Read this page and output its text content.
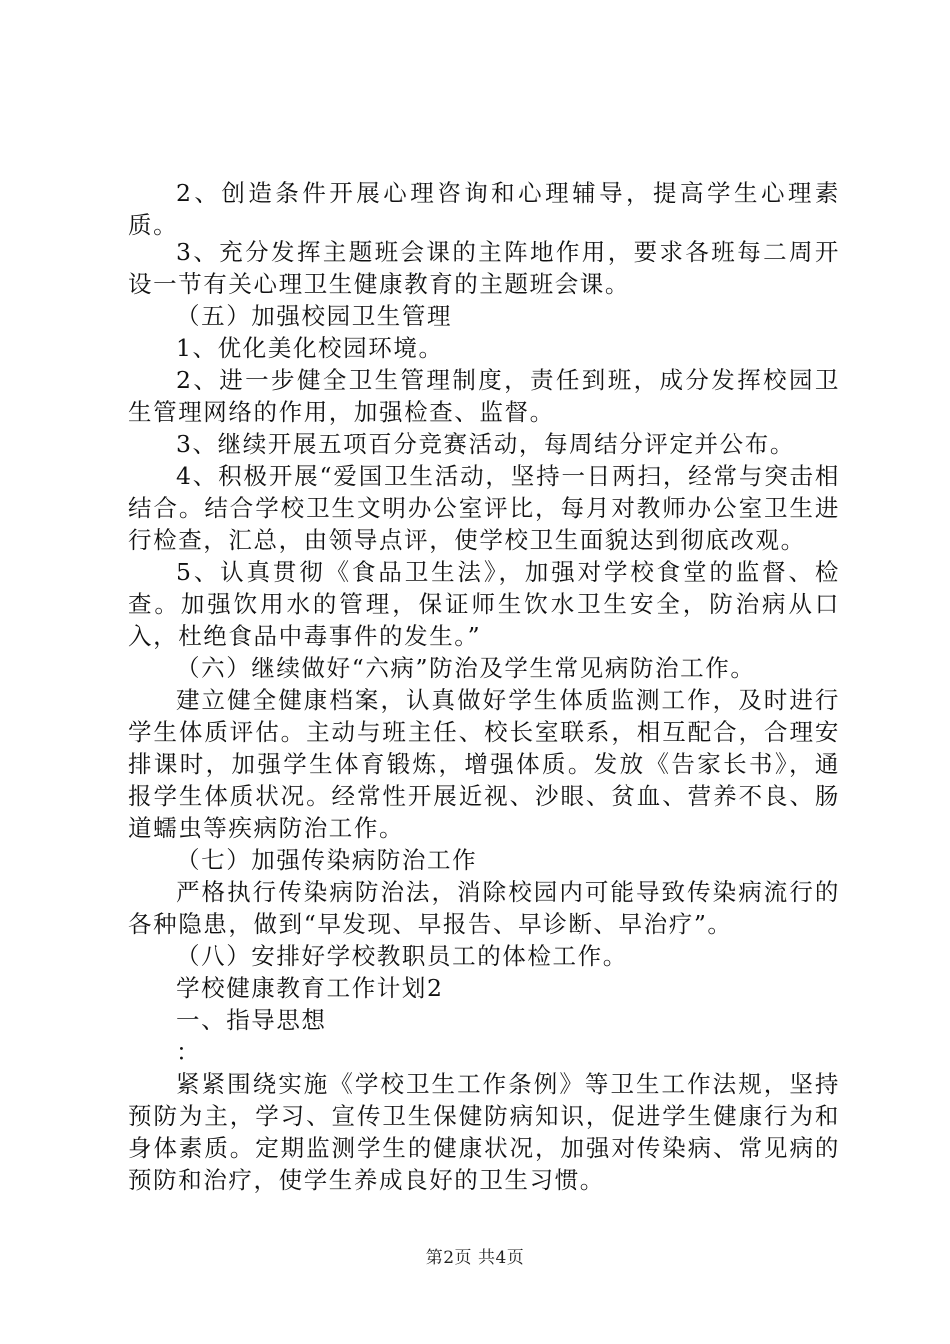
2、创造条件开展心理咨询和心理辅导，提高学生心理素质。

3、充分发挥主题班会课的主阵地作用，要求各班每二周开设一节有关心理卫生健康教育的主题班会课。

（五）加强校园卫生管理

1、优化美化校园环境。

2、进一步健全卫生管理制度，责任到班，成分发挥校园卫生管理网络的作用，加强检查、监督。

3、继续开展五项百分竞赛活动，每周结分评定并公布。

4、积极开展“爱国卫生活动，坚持一日两扫，经常与突击相结合。结合学校卫生文明办公室评比，每月对教师办公室卫生进行检查，汇总，由领导点评，使学校卫生面貌达到彻底改观。

5、认真贯彻《食品卫生法》，加强对学校食堂的监督、检查。加强饮用水的管理，保证师生饮水卫生安全，防治病从口入，杜绝食品中毒事件的发生。”

（六）继续做好“六病”防治及学生常见病防治工作。

建立健全健康档案，认真做好学生体质监测工作，及时进行学生体质评估。主动与班主任、校长室联系，相互配合，合理安排课时，加强学生体育锻炼，增强体质。发放《告家长书》，通报学生体质状况。经常性开展近视、沙眼、贫血、营养不良、肠道蠕虫等疾病防治工作。

（七）加强传染病防治工作

严格执行传染病防治法，消除校园内可能导致传染病流行的各种隐患，做到“早发现、早报告、早诊断、早治疗”。

（八）安排好学校教职员工的体检工作。

学校健康教育工作计划2

一、指导思想

：

紧紧围绕实施《学校卫生工作条例》等卫生工作法规，坚持预防为主，学习、宣传卫生保健防病知识，促进学生健康行为和身体素质。定期监测学生的健康状况，加强对传染病、常见病的预防和治疗，使学生养成良好的卫生习惯。

第2页 共4页
